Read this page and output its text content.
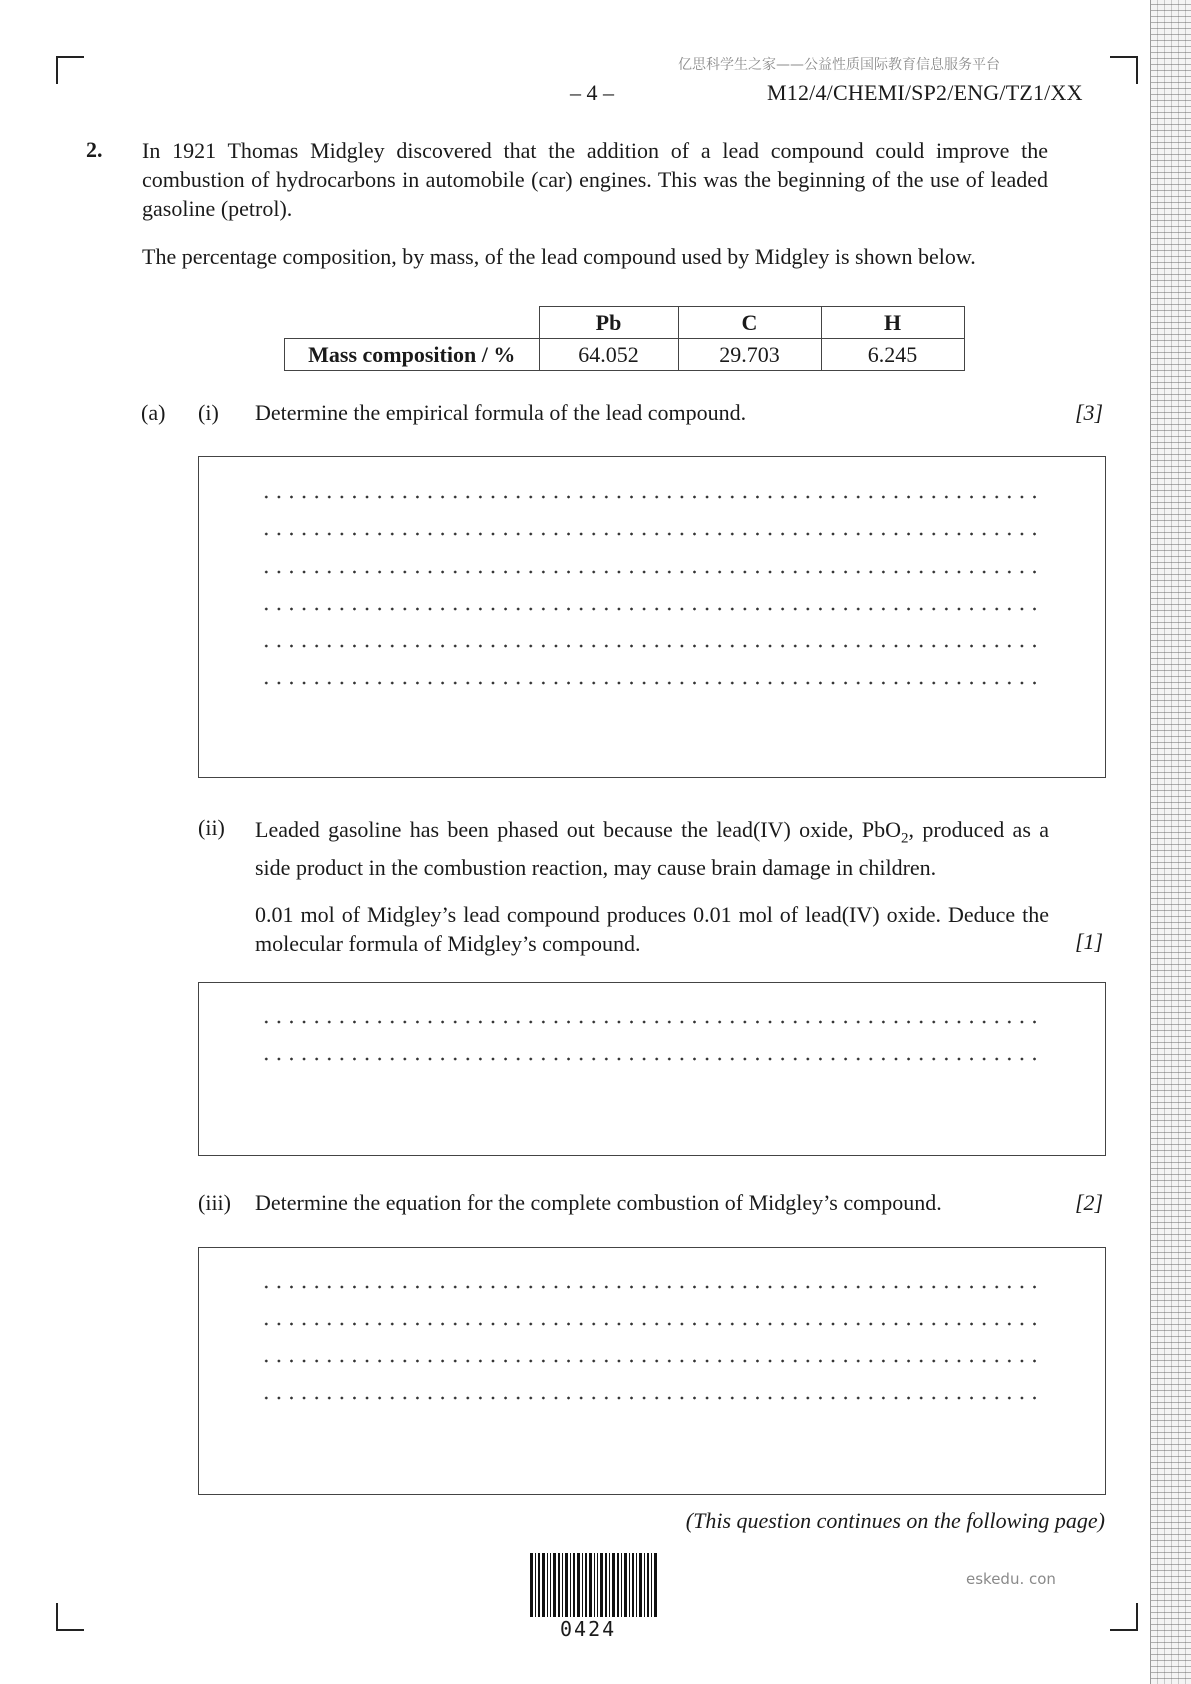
亿思科学生之家——公益性质国际教育信息服务平台
– 4 –	M12/4/CHEMI/SP2/ENG/TZ1/XX
2. In 1921 Thomas Midgley discovered that the addition of a lead compound could improve the combustion of hydrocarbons in automobile (car) engines. This was the beginning of the use of leaded gasoline (petrol).
The percentage composition, by mass, of the lead compound used by Midgley is shown below.
	Pb	C	H
Mass composition / %	64.052	29.703	6.245
(a) (i) Determine the empirical formula of the lead compound.	[3]
(ii) Leaded gasoline has been phased out because the lead(IV) oxide, PbO$_2$, produced as a side product in the combustion reaction, may cause brain damage in children.
0.01 mol of Midgley’s lead compound produces 0.01 mol of lead(IV) oxide. Deduce the molecular formula of Midgley’s compound.	[1]
(iii) Determine the equation for the complete combustion of Midgley’s compound.	[2]
(This question continues on the following page)
0424
eskedu. con
